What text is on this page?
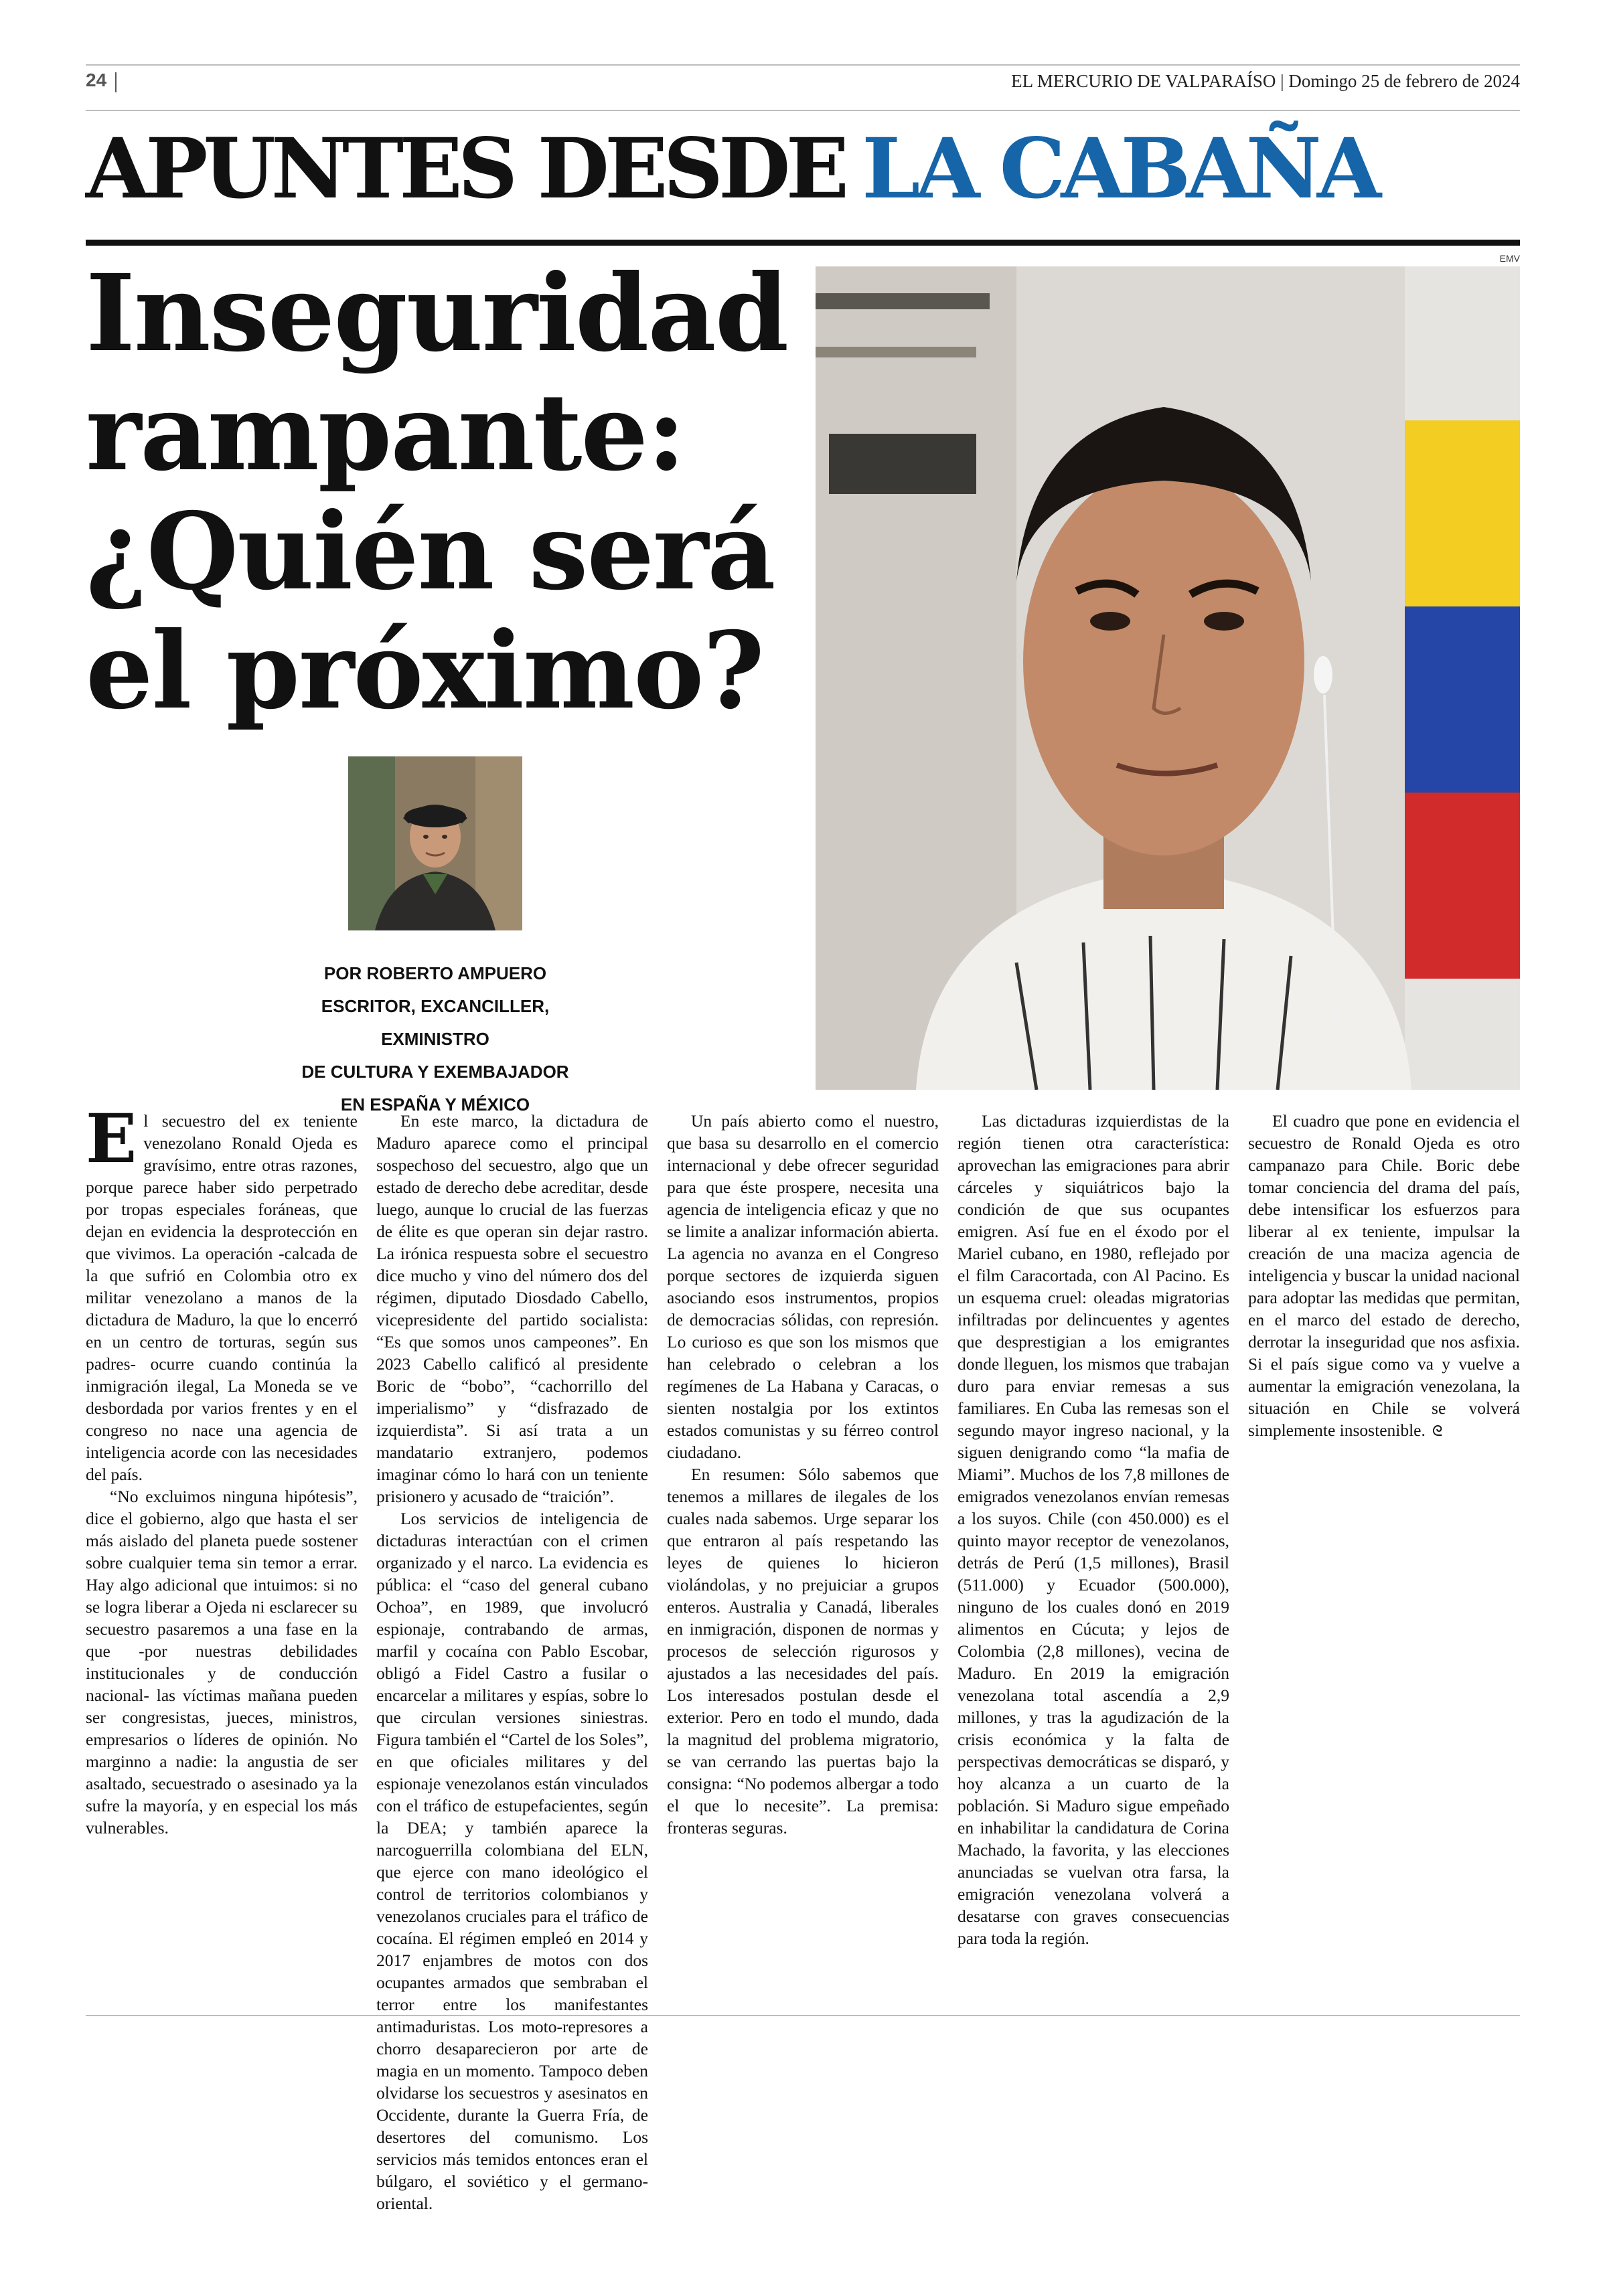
24	EL MERCURIO DE VALPARAÍSO | Domingo 25 de febrero de 2024
APUNTES DESDE LA CABAÑA
Inseguridad
rampante:
¿Quién será
el próximo?
POR ROBERTO AMPUERO
ESCRITOR, EXCANCILLER, EXMINISTRO
DE CULTURA Y EXEMBAJADOR
EN ESPAÑA Y MÉXICO
EMV

El secuestro del ex teniente venezolano Ronald Ojeda es gravísimo, entre otras razones, porque parece haber sido perpetrado por tropas especiales foráneas, que dejan en evidencia la desprotección en que vivimos. La operación -calcada de la que sufrió en Colombia otro ex militar venezolano a manos de la dictadura de Maduro, la que lo encerró en un centro de torturas, según sus padres- ocurre cuando continúa la inmigración ilegal, La Moneda se ve desbordada por varios frentes y en el congreso no nace una agencia de inteligencia acorde con las necesidades del país.

“No excluimos ninguna hipótesis”, dice el gobierno, algo que hasta el ser más aislado del planeta puede sostener sobre cualquier tema sin temor a errar. Hay algo adicional que intuimos: si no se logra liberar a Ojeda ni esclarecer su secuestro pasaremos a una fase en la que -por nuestras debilidades institucionales y de conducción nacional- las víctimas mañana pueden ser congresistas, jueces, ministros, empresarios o líderes de opinión. No marginno a nadie: la angustia de ser asaltado, secuestrado o asesinado ya la sufre la mayoría, y en especial los más vulnerables.

En este marco, la dictadura de Maduro aparece como el principal sospechoso del secuestro, algo que un estado de derecho debe acreditar, desde luego, aunque lo crucial de las fuerzas de élite es que operan sin dejar rastro. La irónica respuesta sobre el secuestro dice mucho y vino del número dos del régimen, diputado Diosdado Cabello, vicepresidente del partido socialista: “Es que somos unos campeones”. En 2023 Cabello calificó al presidente Boric de “bobo”, “cachorrillo del imperialismo” y “disfrazado de izquierdista”. Si así trata a un mandatario extranjero, podemos imaginar cómo lo hará con un teniente prisionero y acusado de “traición”.

Los servicios de inteligencia de dictaduras interactúan con el crimen organizado y el narco. La evidencia es pública: el “caso del general cubano Ochoa”, en 1989, que involucró espionaje, contrabando de armas, marfil y cocaína con Pablo Escobar, obligó a Fidel Castro a fusilar o encarcelar a militares y espías, sobre lo que circulan versiones siniestras. Figura también el “Cartel de los Soles”, en que oficiales militares y del espionaje venezolanos están vinculados con el tráfico de estupefacientes, según la DEA; y también aparece la narcoguerrilla colombiana del ELN, que ejerce con mano ideológico el control de territorios colombianos y venezolanos cruciales para el tráfico de cocaína. El régimen empleó en 2014 y 2017 enjambres de motos con dos ocupantes armados que sembraban el terror entre los manifestantes antimaduristas. Los moto-represores a chorro desaparecieron por arte de magia en un momento. Tampoco deben olvidarse los secuestros y asesinatos en Occidente, durante la Guerra Fría, de desertores del comunismo. Los servicios más temidos entonces eran el búlgaro, el soviético y el germano-oriental.

Un país abierto como el nuestro, que basa su desarrollo en el comercio internacional y debe ofrecer seguridad para que éste prospere, necesita una agencia de inteligencia eficaz y que no se limite a analizar información abierta. La agencia no avanza en el Congreso porque sectores de izquierda siguen asociando esos instrumentos, propios de democracias sólidas, con represión. Lo curioso es que son los mismos que han celebrado o celebran a los regímenes de La Habana y Caracas, o sienten nostalgia por los extintos estados comunistas y su férreo control ciudadano.

En resumen: Sólo sabemos que tenemos a millares de ilegales de los cuales nada sabemos. Urge separar los que entraron al país respetando las leyes de quienes lo hicieron violándolas, y no prejuiciar a grupos enteros. Australia y Canadá, liberales en inmigración, disponen de normas y procesos de selección rigurosos y ajustados a las necesidades del país. Los interesados postulan desde el exterior. Pero en todo el mundo, dada la magnitud del problema migratorio, se van cerrando las puertas bajo la consigna: “No podemos albergar a todo el que lo necesite”. La premisa: fronteras seguras.

Las dictaduras izquierdistas de la región tienen otra característica: aprovechan las emigraciones para abrir cárceles y siquiátricos bajo la condición de que sus ocupantes emigren. Así fue en el éxodo por el Mariel cubano, en 1980, reflejado por el film Caracortada, con Al Pacino. Es un esquema cruel: oleadas migratorias infiltradas por delincuentes y agentes que desprestigian a los emigrantes donde lleguen, los mismos que trabajan duro para enviar remesas a sus familiares. En Cuba las remesas son el segundo mayor ingreso nacional, y la siguen denigrando como “la mafia de Miami”. Muchos de los 7,8 millones de emigrados venezolanos envían remesas a los suyos. Chile (con 450.000) es el quinto mayor receptor de venezolanos, detrás de Perú (1,5 millones), Brasil (511.000) y Ecuador (500.000), ninguno de los cuales donó en 2019 alimentos en Cúcuta; y lejos de Colombia (2,8 millones), vecina de Maduro. En 2019 la emigración venezolana total ascendía a 2,9 millones, y tras la agudización de la crisis económica y la falta de perspectivas democráticas se disparó, y hoy alcanza a un cuarto de la población. Si Maduro sigue empeñado en inhabilitar la candidatura de Corina Machado, la favorita, y las elecciones anunciadas se vuelvan otra farsa, la emigración venezolana volverá a desatarse con graves consecuencias para toda la región.

El cuadro que pone en evidencia el secuestro de Ronald Ojeda es otro campanazo para Chile. Boric debe tomar conciencia del drama del país, debe intensificar los esfuerzos para liberar al ex teniente, impulsar la creación de una maciza agencia de inteligencia y buscar la unidad nacional para adoptar las medidas que permitan, en el marco del estado de derecho, derrotar la inseguridad que nos asfixia. Si el país sigue como va y vuelve a aumentar la emigración venezolana, la situación en Chile se volverá simplemente insostenible. ᘓ
